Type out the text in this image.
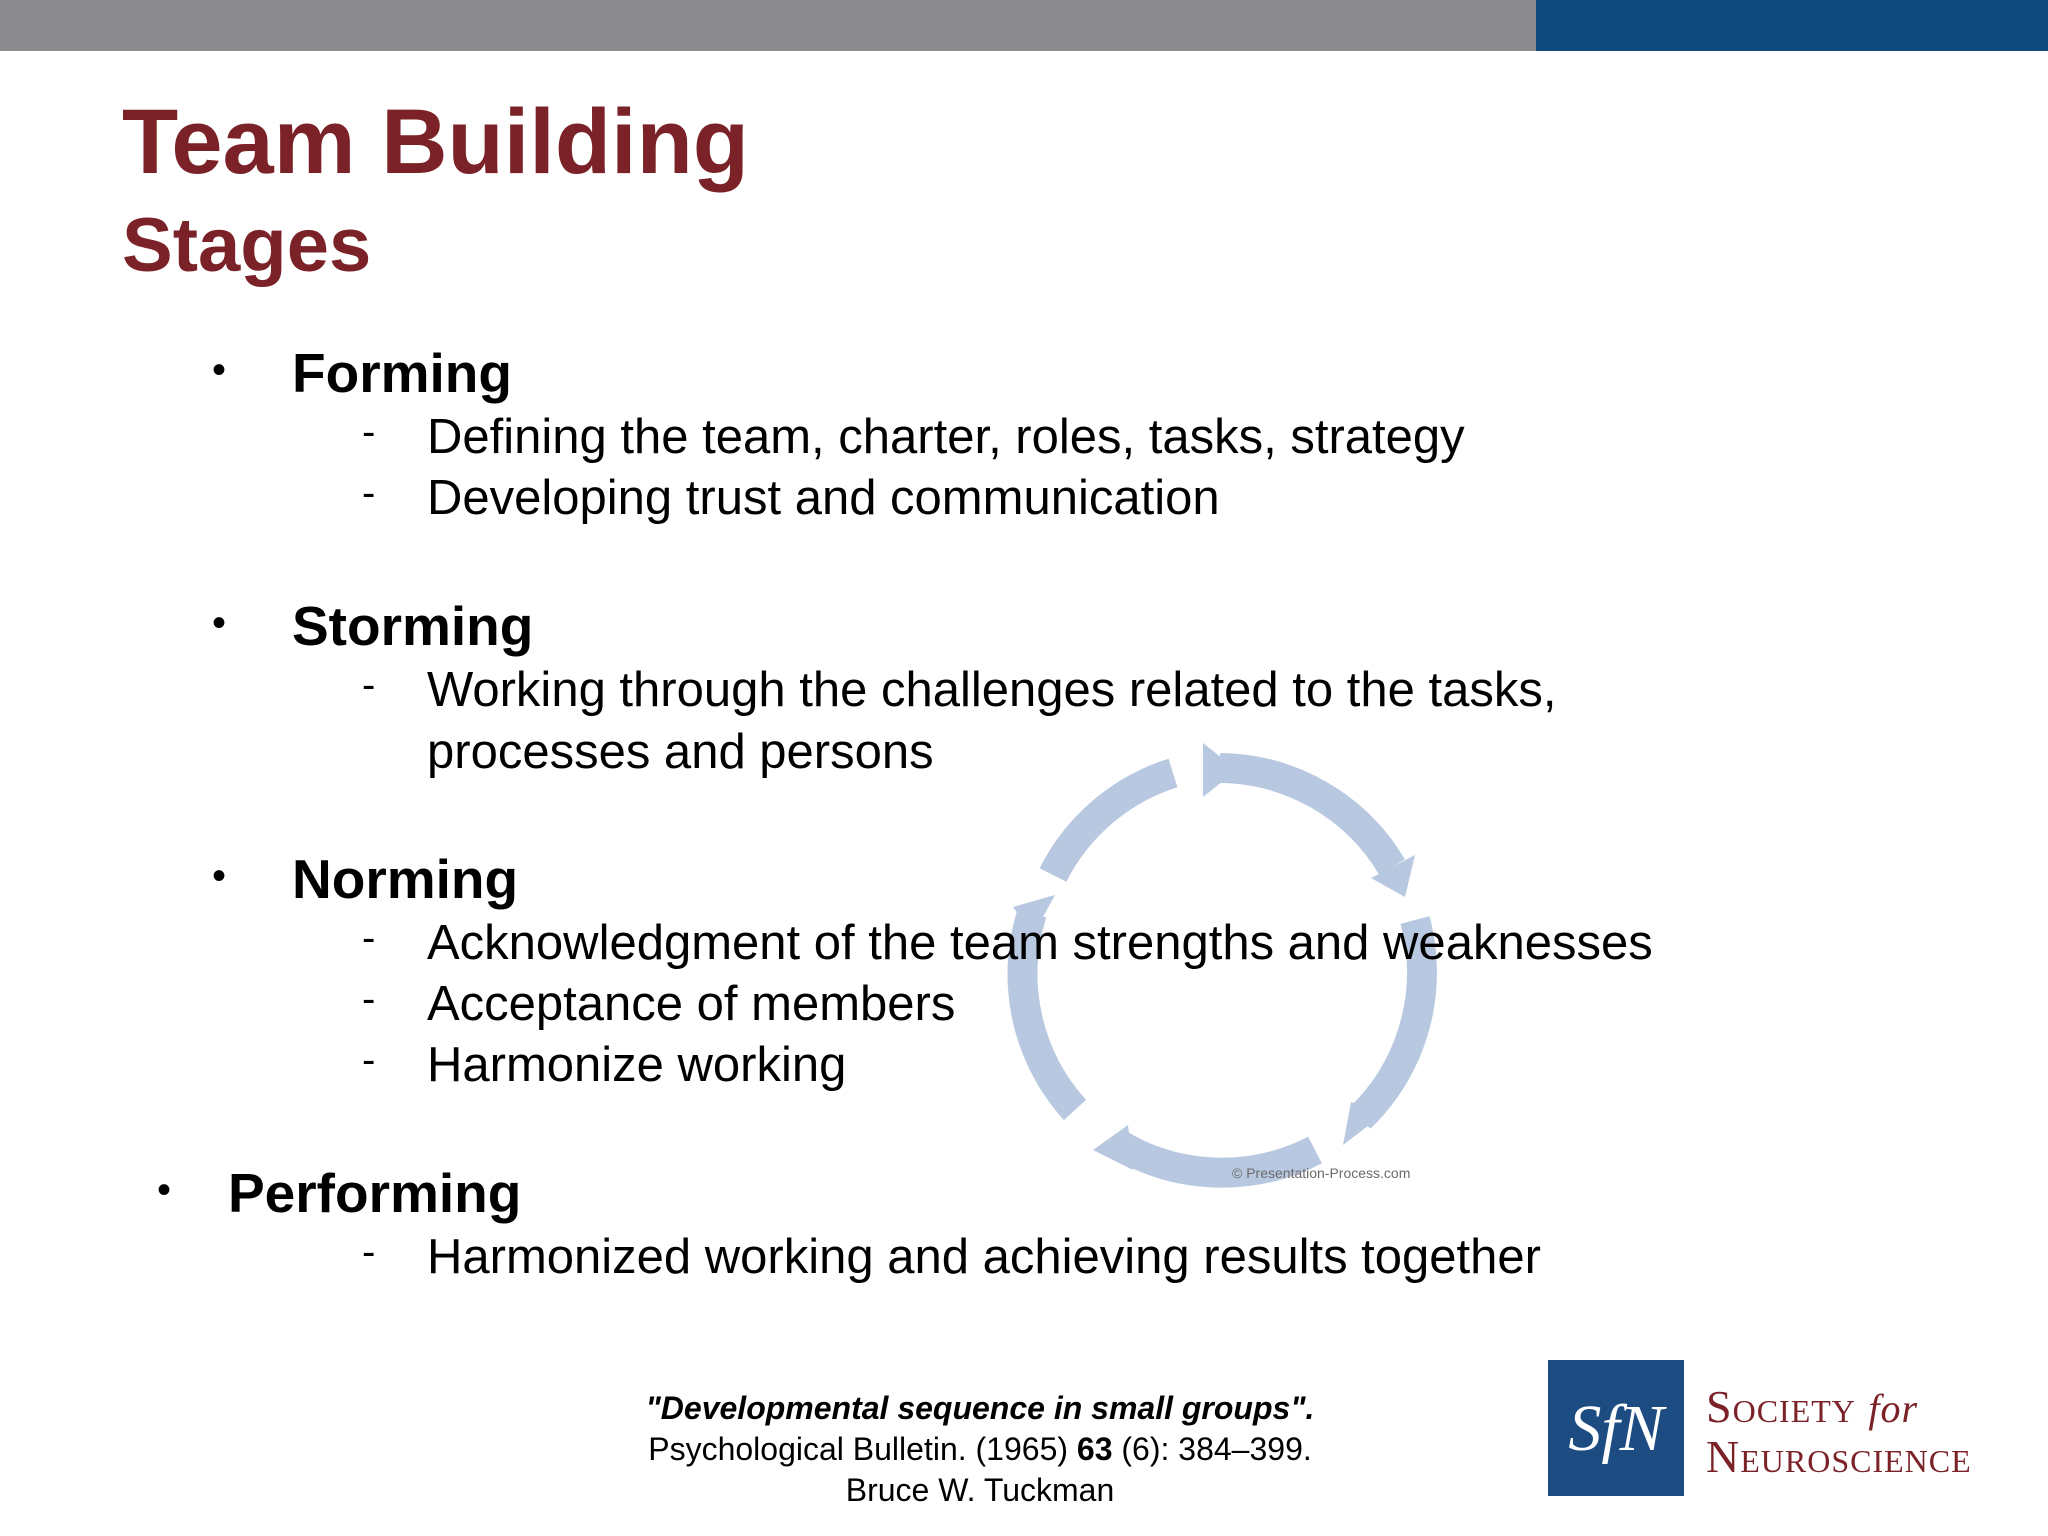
Team Building
Stages
© Presentation-Process.com
• Forming
- Defining the team, charter, roles, tasks, strategy
- Developing trust and communication
• Storming
- Working through the challenges related to the tasks,
processes and persons
• Norming
- Acknowledgment of the team strengths and weaknesses
- Acceptance of members
- Harmonize working
• Performing
- Harmonized working and achieving results together
"Developmental sequence in small groups".
Psychological Bulletin. (1965) 63 (6): 384–399.
Bruce W. Tuckman
SfN Society for
Neuroscience
